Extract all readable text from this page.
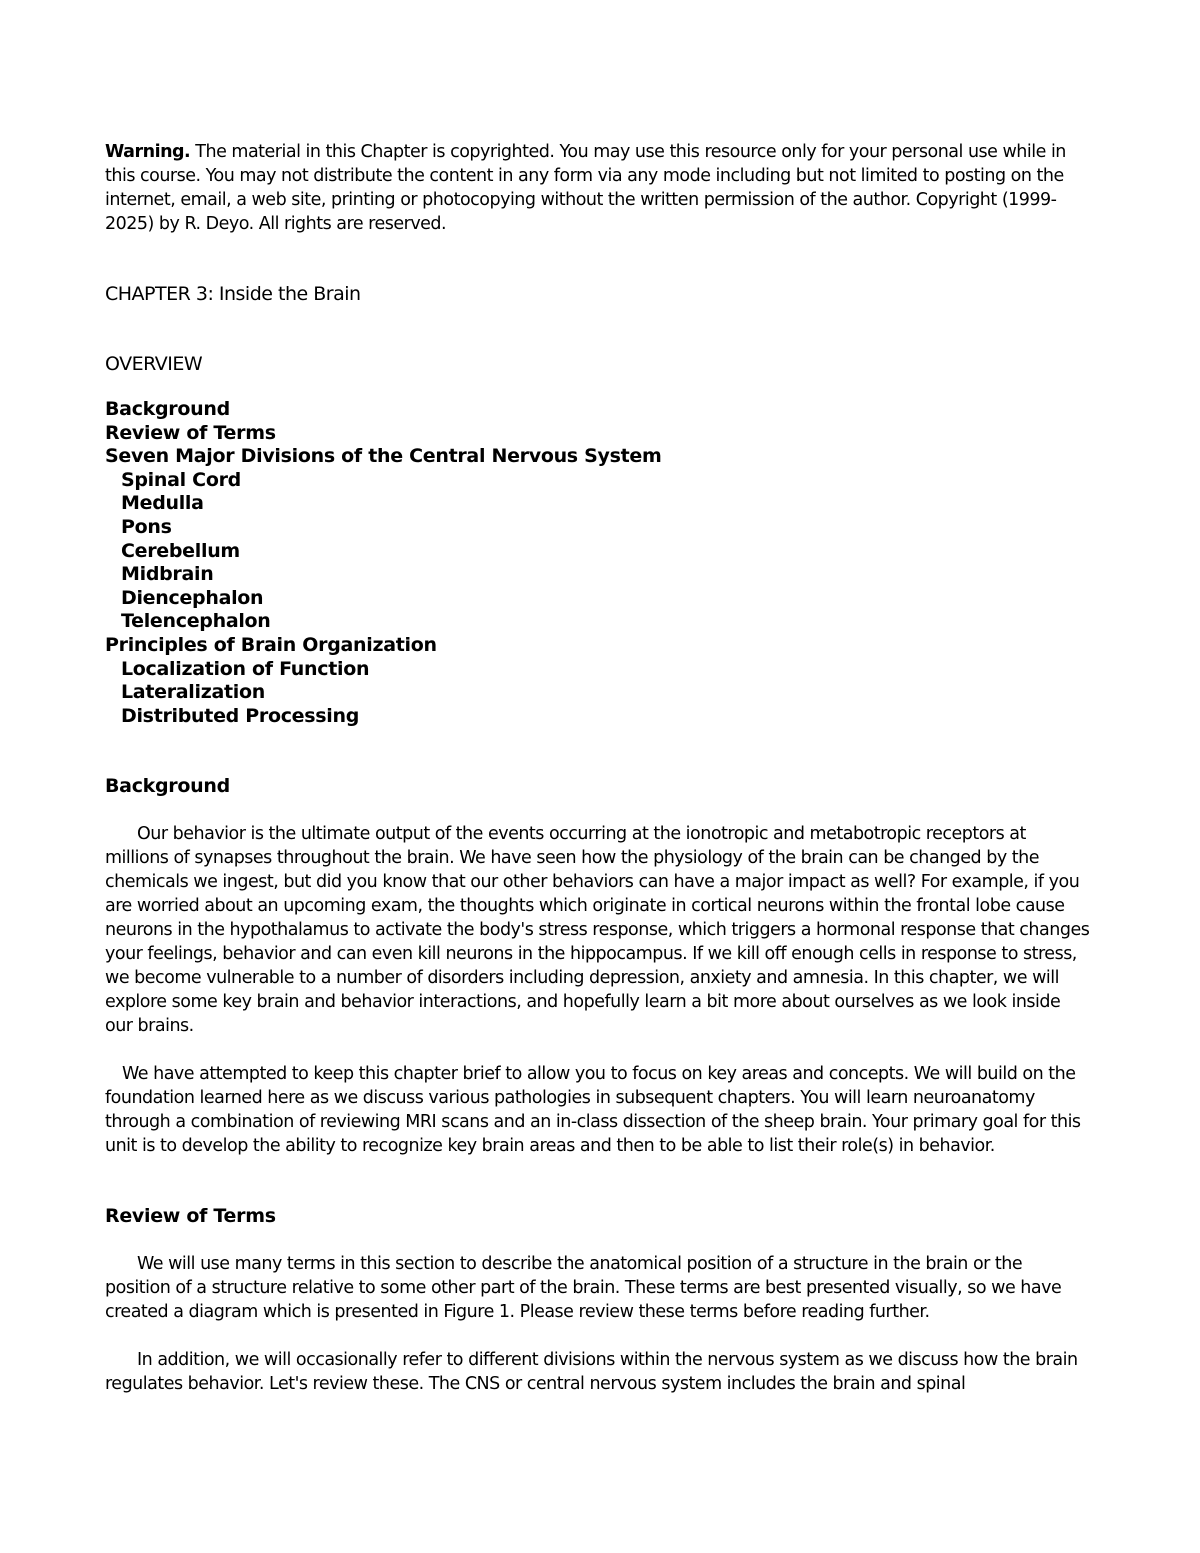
Warning. The material in this Chapter is copyrighted. You may use this resource only for your personal use while in this course. You may not distribute the content in any form via any mode including but not limited to posting on the internet, email, a web site, printing or photocopying without the written permission of the author. Copyright (1999-2025) by R. Deyo. All rights are reserved.

CHAPTER 3: Inside the Brain
OVERVIEW
Background
Review of Terms
Seven Major Divisions of the Central Nervous System
Spinal Cord
Medulla
Pons
Cerebellum
Midbrain
Diencephalon
Telencephalon
Principles of Brain Organization
Localization of Function
Lateralization
Distributed Processing
Background

Our behavior is the ultimate output of the events occurring at the ionotropic and metabotropic receptors at millions of synapses throughout the brain. We have seen how the physiology of the brain can be changed by the chemicals we ingest, but did you know that our other behaviors can have a major impact as well? For example, if you are worried about an upcoming exam, the thoughts which originate in cortical neurons within the frontal lobe cause neurons in the hypothalamus to activate the body's stress response, which triggers a hormonal response that changes your feelings, behavior and can even kill neurons in the hippocampus. If we kill off enough cells in response to stress, we become vulnerable to a number of disorders including depression, anxiety and amnesia. In this chapter, we will explore some key brain and behavior interactions, and hopefully learn a bit more about ourselves as we look inside our brains.

We have attempted to keep this chapter brief to allow you to focus on key areas and concepts. We will build on the foundation learned here as we discuss various pathologies in subsequent chapters. You will learn neuroanatomy through a combination of reviewing MRI scans and an in-class dissection of the sheep brain. Your primary goal for this unit is to develop the ability to recognize key brain areas and then to be able to list their role(s) in behavior.

Review of Terms

We will use many terms in this section to describe the anatomical position of a structure in the brain or the position of a structure relative to some other part of the brain. These terms are best presented visually, so we have created a diagram which is presented in Figure 1. Please review these terms before reading further.

In addition, we will occasionally refer to different divisions within the nervous system as we discuss how the brain regulates behavior. Let's review these. The CNS or central nervous system includes the brain and spinal
